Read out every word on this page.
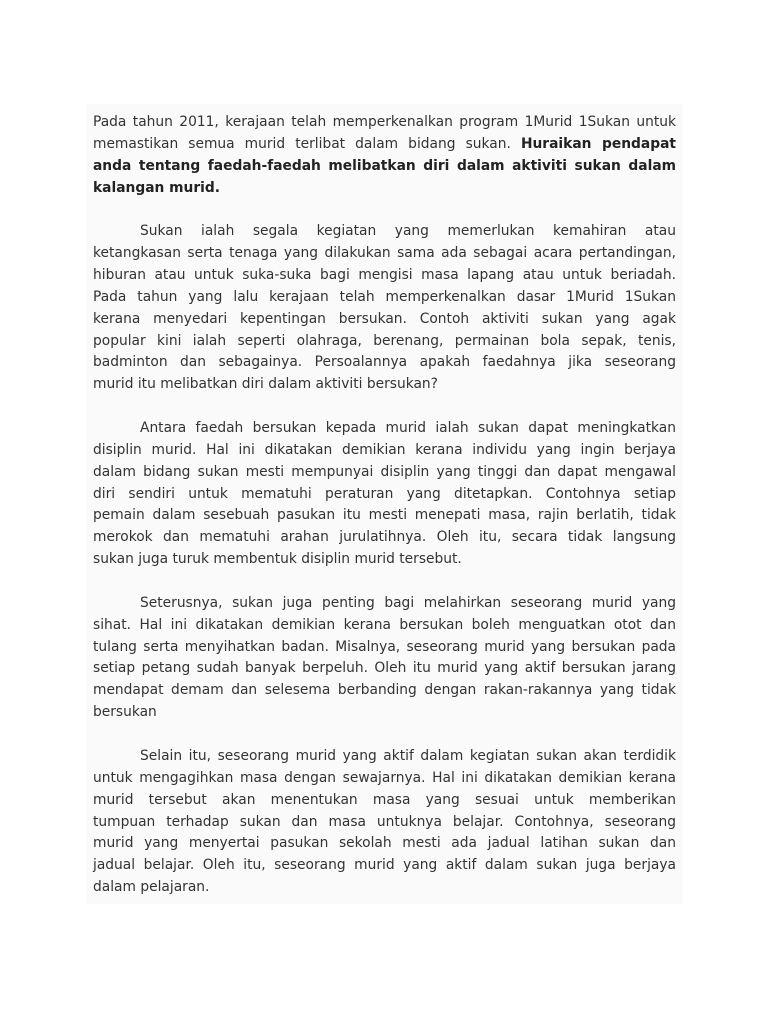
Pada tahun 2011, kerajaan telah memperkenalkan program 1Murid 1Sukan untuk
memastikan semua murid terlibat dalam bidang sukan. Huraikan pendapat
anda tentang faedah-faedah melibatkan diri dalam aktiviti sukan dalam
kalangan murid.
Sukan ialah segala kegiatan yang memerlukan kemahiran atau
ketangkasan serta tenaga yang dilakukan sama ada sebagai acara pertandingan,
hiburan atau untuk suka-suka bagi mengisi masa lapang atau untuk beriadah.
Pada tahun yang lalu kerajaan telah memperkenalkan dasar 1Murid 1Sukan
kerana menyedari kepentingan bersukan. Contoh aktiviti sukan yang agak
popular kini ialah seperti olahraga, berenang, permainan bola sepak, tenis,
badminton dan sebagainya. Persoalannya apakah faedahnya jika seseorang
murid itu melibatkan diri dalam aktiviti bersukan?
Antara faedah bersukan kepada murid ialah sukan dapat meningkatkan
disiplin murid. Hal ini dikatakan demikian kerana individu yang ingin berjaya
dalam bidang sukan mesti mempunyai disiplin yang tinggi dan dapat mengawal
diri sendiri untuk mematuhi peraturan yang ditetapkan. Contohnya setiap
pemain dalam sesebuah pasukan itu mesti menepati masa, rajin berlatih, tidak
merokok dan mematuhi arahan jurulatihnya. Oleh itu, secara tidak langsung
sukan juga turuk membentuk disiplin murid tersebut.
Seterusnya, sukan juga penting bagi melahirkan seseorang murid yang
sihat. Hal ini dikatakan demikian kerana bersukan boleh menguatkan otot dan
tulang serta menyihatkan badan. Misalnya, seseorang murid yang bersukan pada
setiap petang sudah banyak berpeluh. Oleh itu murid yang aktif bersukan jarang
mendapat demam dan selesema berbanding dengan rakan-rakannya yang tidak
bersukan
Selain itu, seseorang murid yang aktif dalam kegiatan sukan akan terdidik
untuk mengagihkan masa dengan sewajarnya. Hal ini dikatakan demikian kerana
murid tersebut akan menentukan masa yang sesuai untuk memberikan
tumpuan terhadap sukan dan masa untuknya belajar. Contohnya, seseorang
murid yang menyertai pasukan sekolah mesti ada jadual latihan sukan dan
jadual belajar. Oleh itu, seseorang murid yang aktif dalam sukan juga berjaya
dalam pelajaran.
